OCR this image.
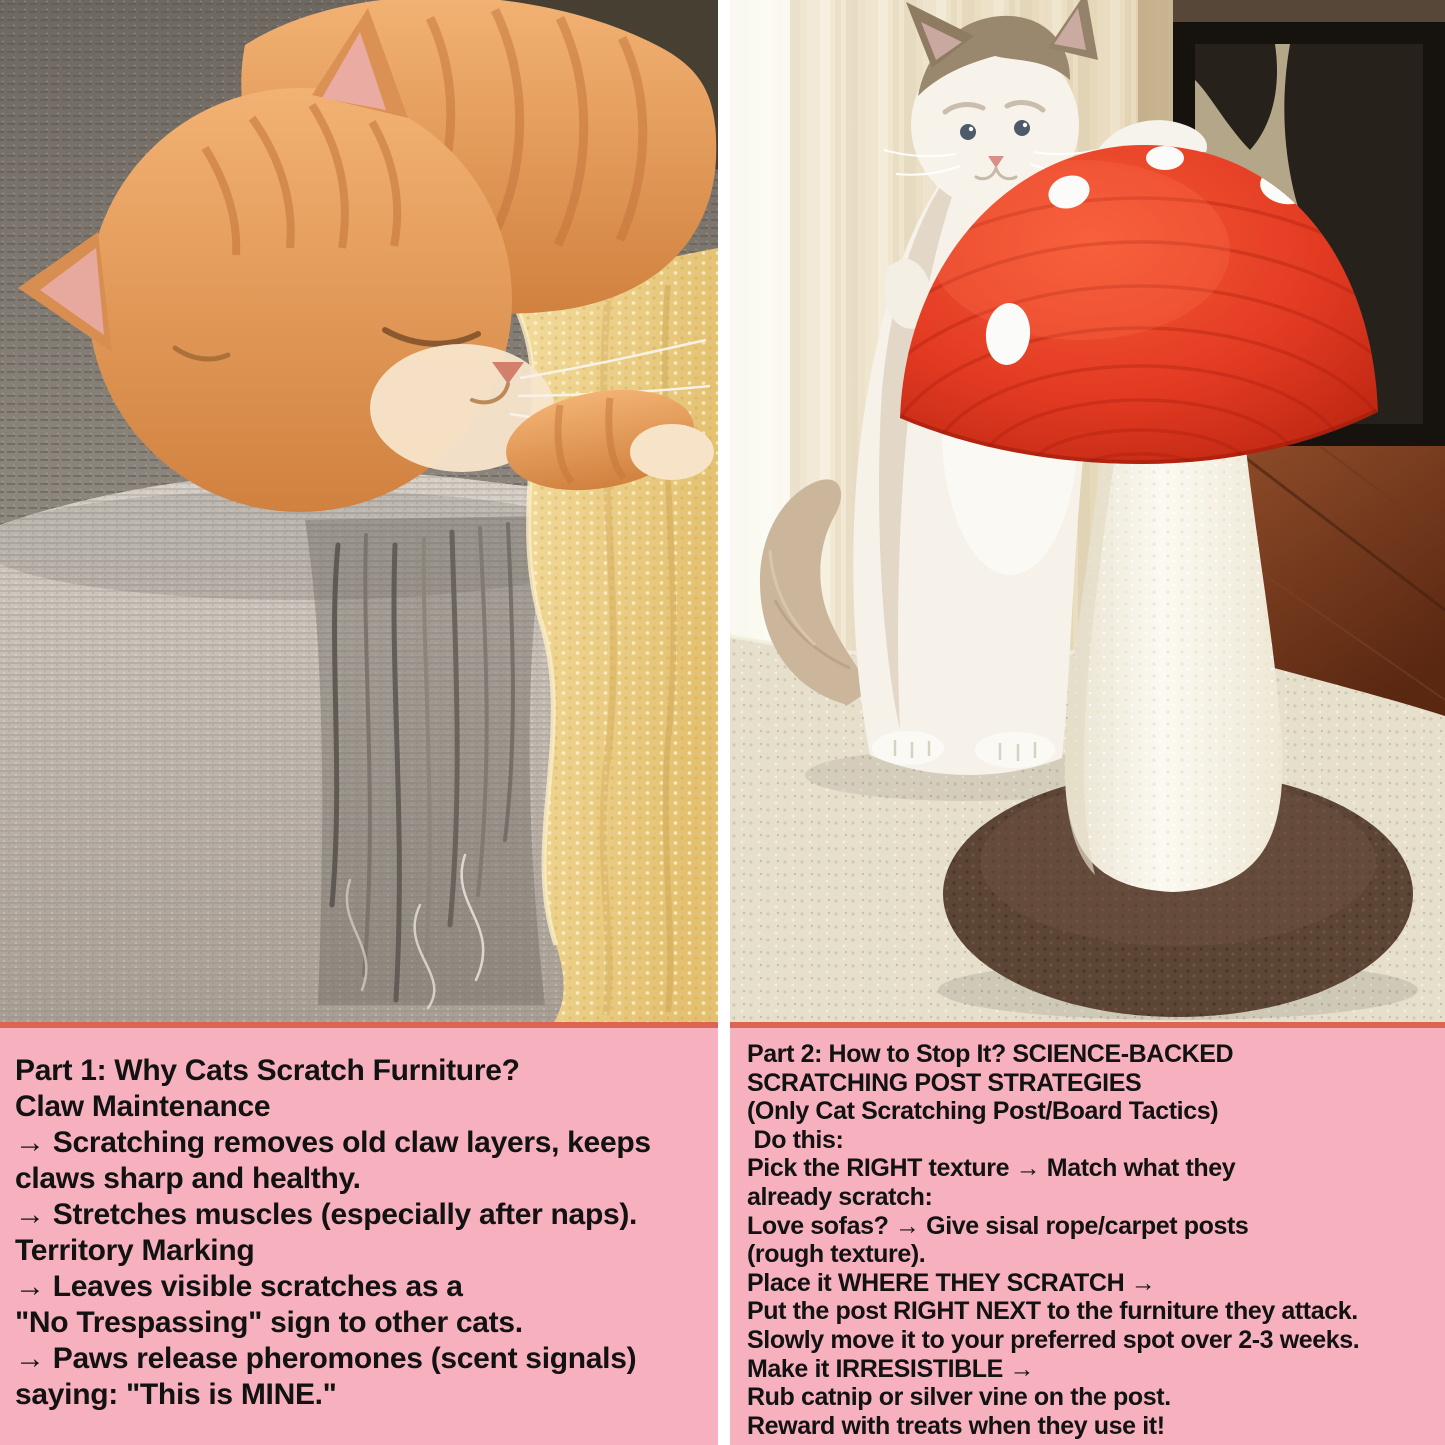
Part 1: Why Cats Scratch Furniture?
Claw Maintenance
→ Scratching removes old claw layers, keeps
claws sharp and healthy.
→ Stretches muscles (especially after naps).
Territory Marking
→ Leaves visible scratches as a
"No Trespassing" sign to other cats.
→ Paws release pheromones (scent signals)
saying: "This is MINE."
Part 2: How to Stop It? SCIENCE-BACKED
SCRATCHING POST STRATEGIES
(Only Cat Scratching Post/Board Tactics)
Do this:
Pick the RIGHT texture → Match what they
already scratch:
Love sofas? → Give sisal rope/carpet posts
(rough texture).
Place it WHERE THEY SCRATCH →
Put the post RIGHT NEXT to the furniture they attack.
Slowly move it to your preferred spot over 2-3 weeks.
Make it IRRESISTIBLE →
Rub catnip or silver vine on the post.
Reward with treats when they use it!
